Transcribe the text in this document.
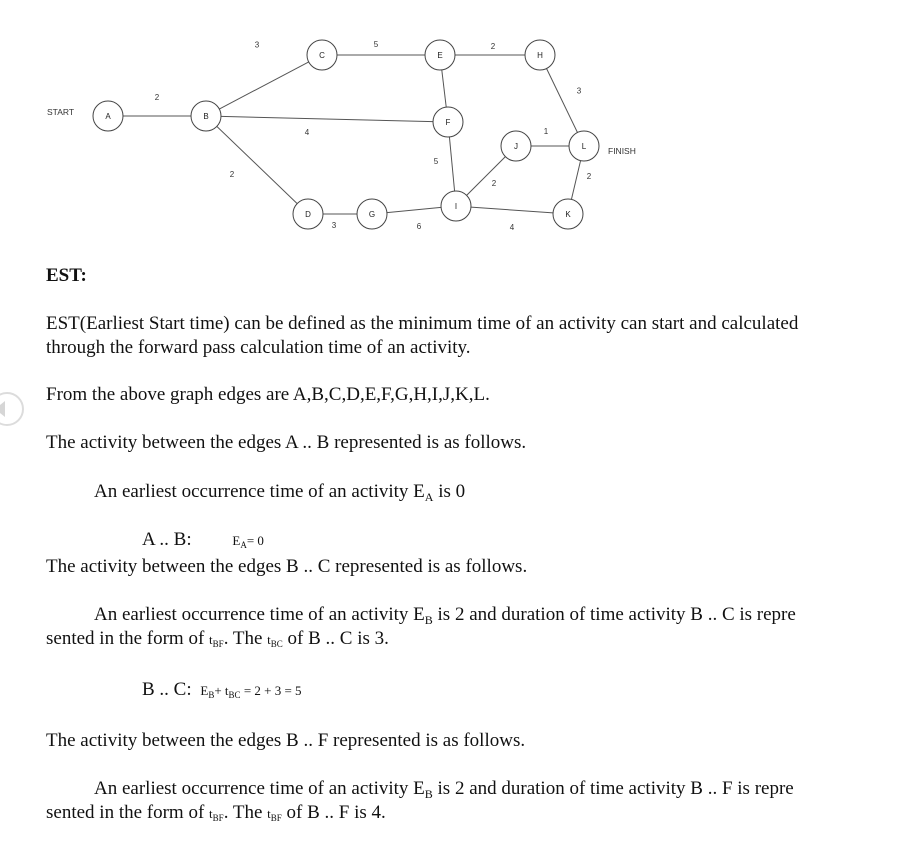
2
3
4
2
5	2
5
3	6
2
4
1
3
2
A	B
C
D
E
F
G
H
I
J
K
L
START
FINISH
EST:
EST(Earliest Start time) can be defined as the minimum time of an activity can start and calculated
through the forward pass calculation time of an activity.
From the above graph edges are A,B,C,D,E,F,G,H,I,J,K,L.
The activity between the edges A .. B represented is as follows.
An earliest occurrence time of an activity $E_A$ is 0
A .. B:	$E_A= 0$
The activity between the edges B .. C represented is as follows.
An earliest occurrence time of an activity $E_B$ is 2 and duration of time activity B .. C is repre
sented in the form of $t_{BF}$. The $t_{BC}$ of B .. C is 3.
B .. C: $E_B+ t_{BC} = 2 + 3 = 5$
The activity between the edges B .. F represented is as follows.
An earliest occurrence time of an activity $E_B$ is 2 and duration of time activity B .. F is repre
sented in the form of $t_{BF}$. The $t_{BF}$ of B .. F is 4.
